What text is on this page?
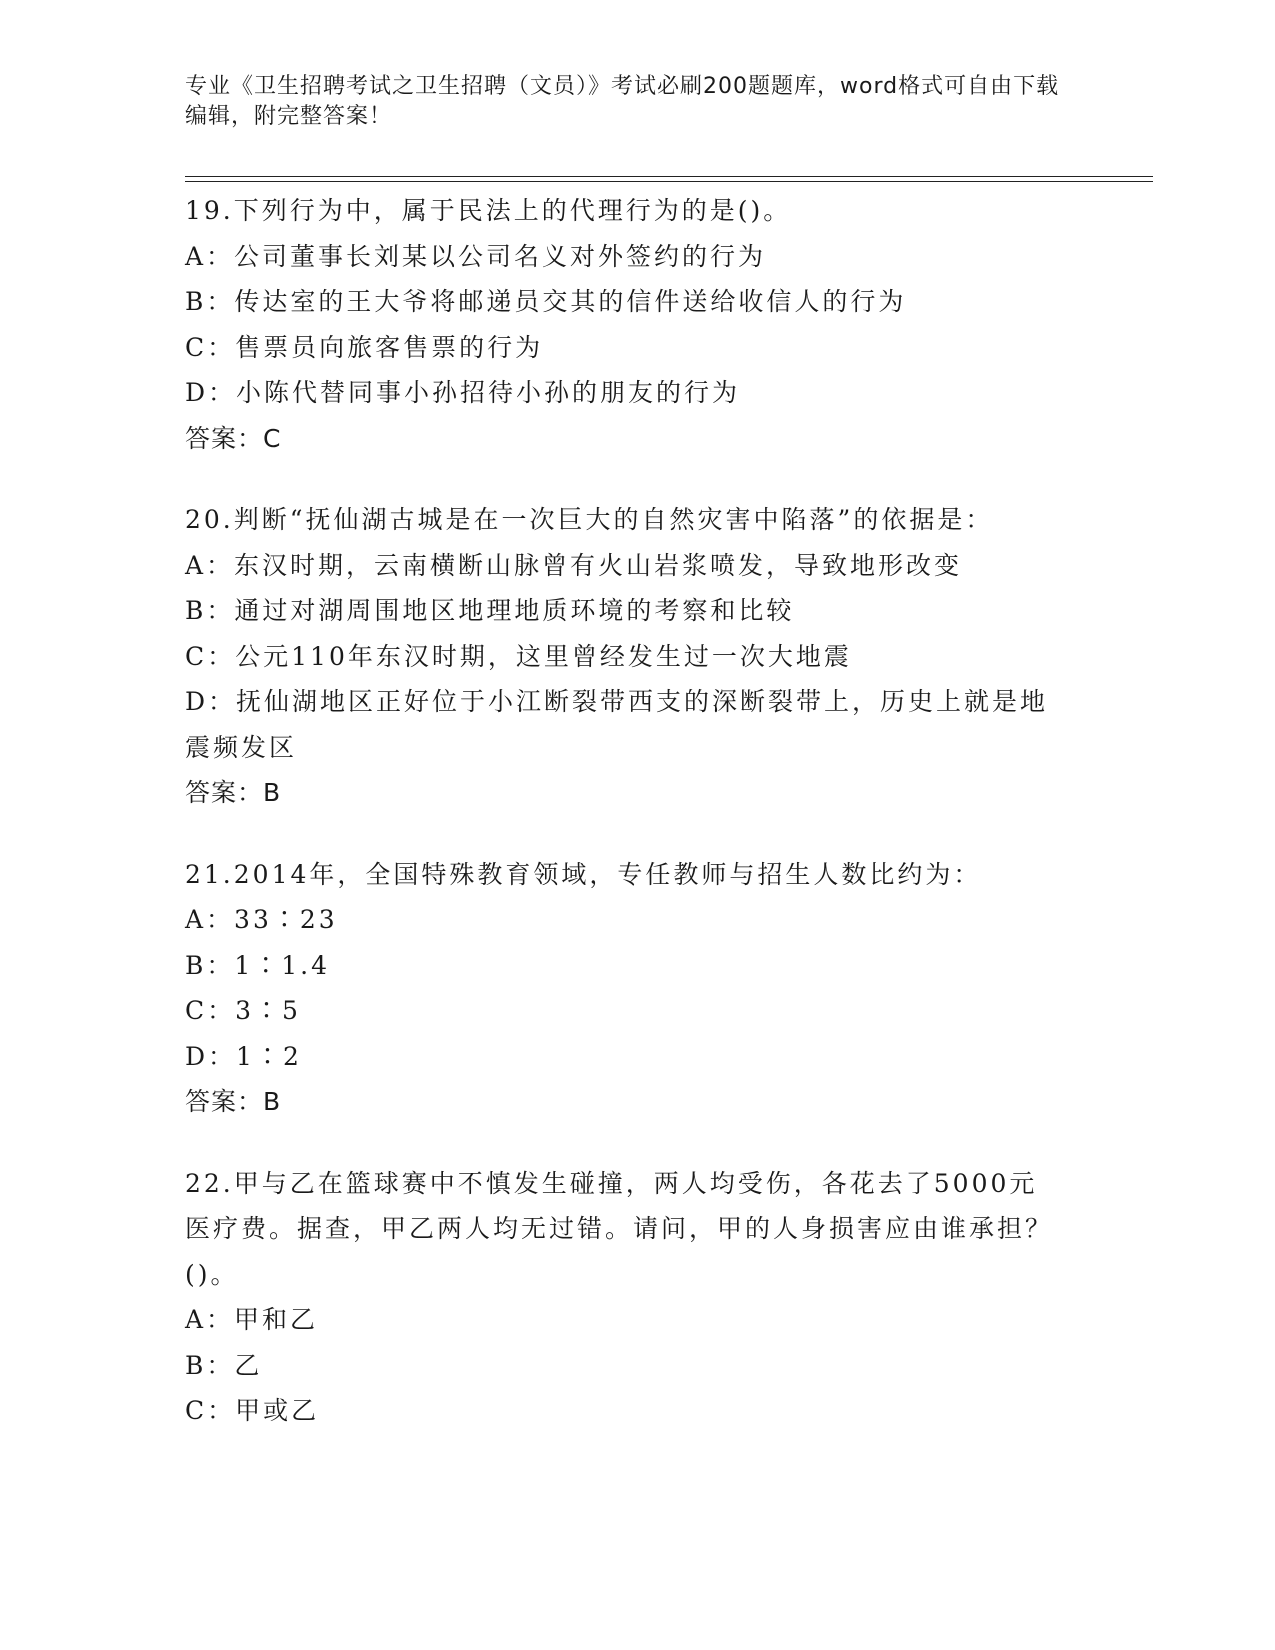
专业《卫生招聘考试之卫生招聘（文员）》考试必刷200题题库，word格式可自由下载编辑，附完整答案！
19.下列行为中，属于民法上的代理行为的是()。
A：公司董事长刘某以公司名义对外签约的行为
B：传达室的王大爷将邮递员交其的信件送给收信人的行为
C：售票员向旅客售票的行为
D：小陈代替同事小孙招待小孙的朋友的行为
答案：C
20.判断“抚仙湖古城是在一次巨大的自然灾害中陷落”的依据是：
A：东汉时期，云南横断山脉曾有火山岩浆喷发，导致地形改变
B：通过对湖周围地区地理地质环境的考察和比较
C：公元110年东汉时期，这里曾经发生过一次大地震
D：抚仙湖地区正好位于小江断裂带西支的深断裂带上，历史上就是地震频发区
答案：B
21.2014年，全国特殊教育领域，专任教师与招生人数比约为：
A：33∶23
B：1∶1.4
C：3∶5
D：1∶2
答案：B
22.甲与乙在篮球赛中不慎发生碰撞，两人均受伤，各花去了5000元医疗费。据查，甲乙两人均无过错。请问，甲的人身损害应由谁承担？()。
A：甲和乙
B：乙
C：甲或乙
